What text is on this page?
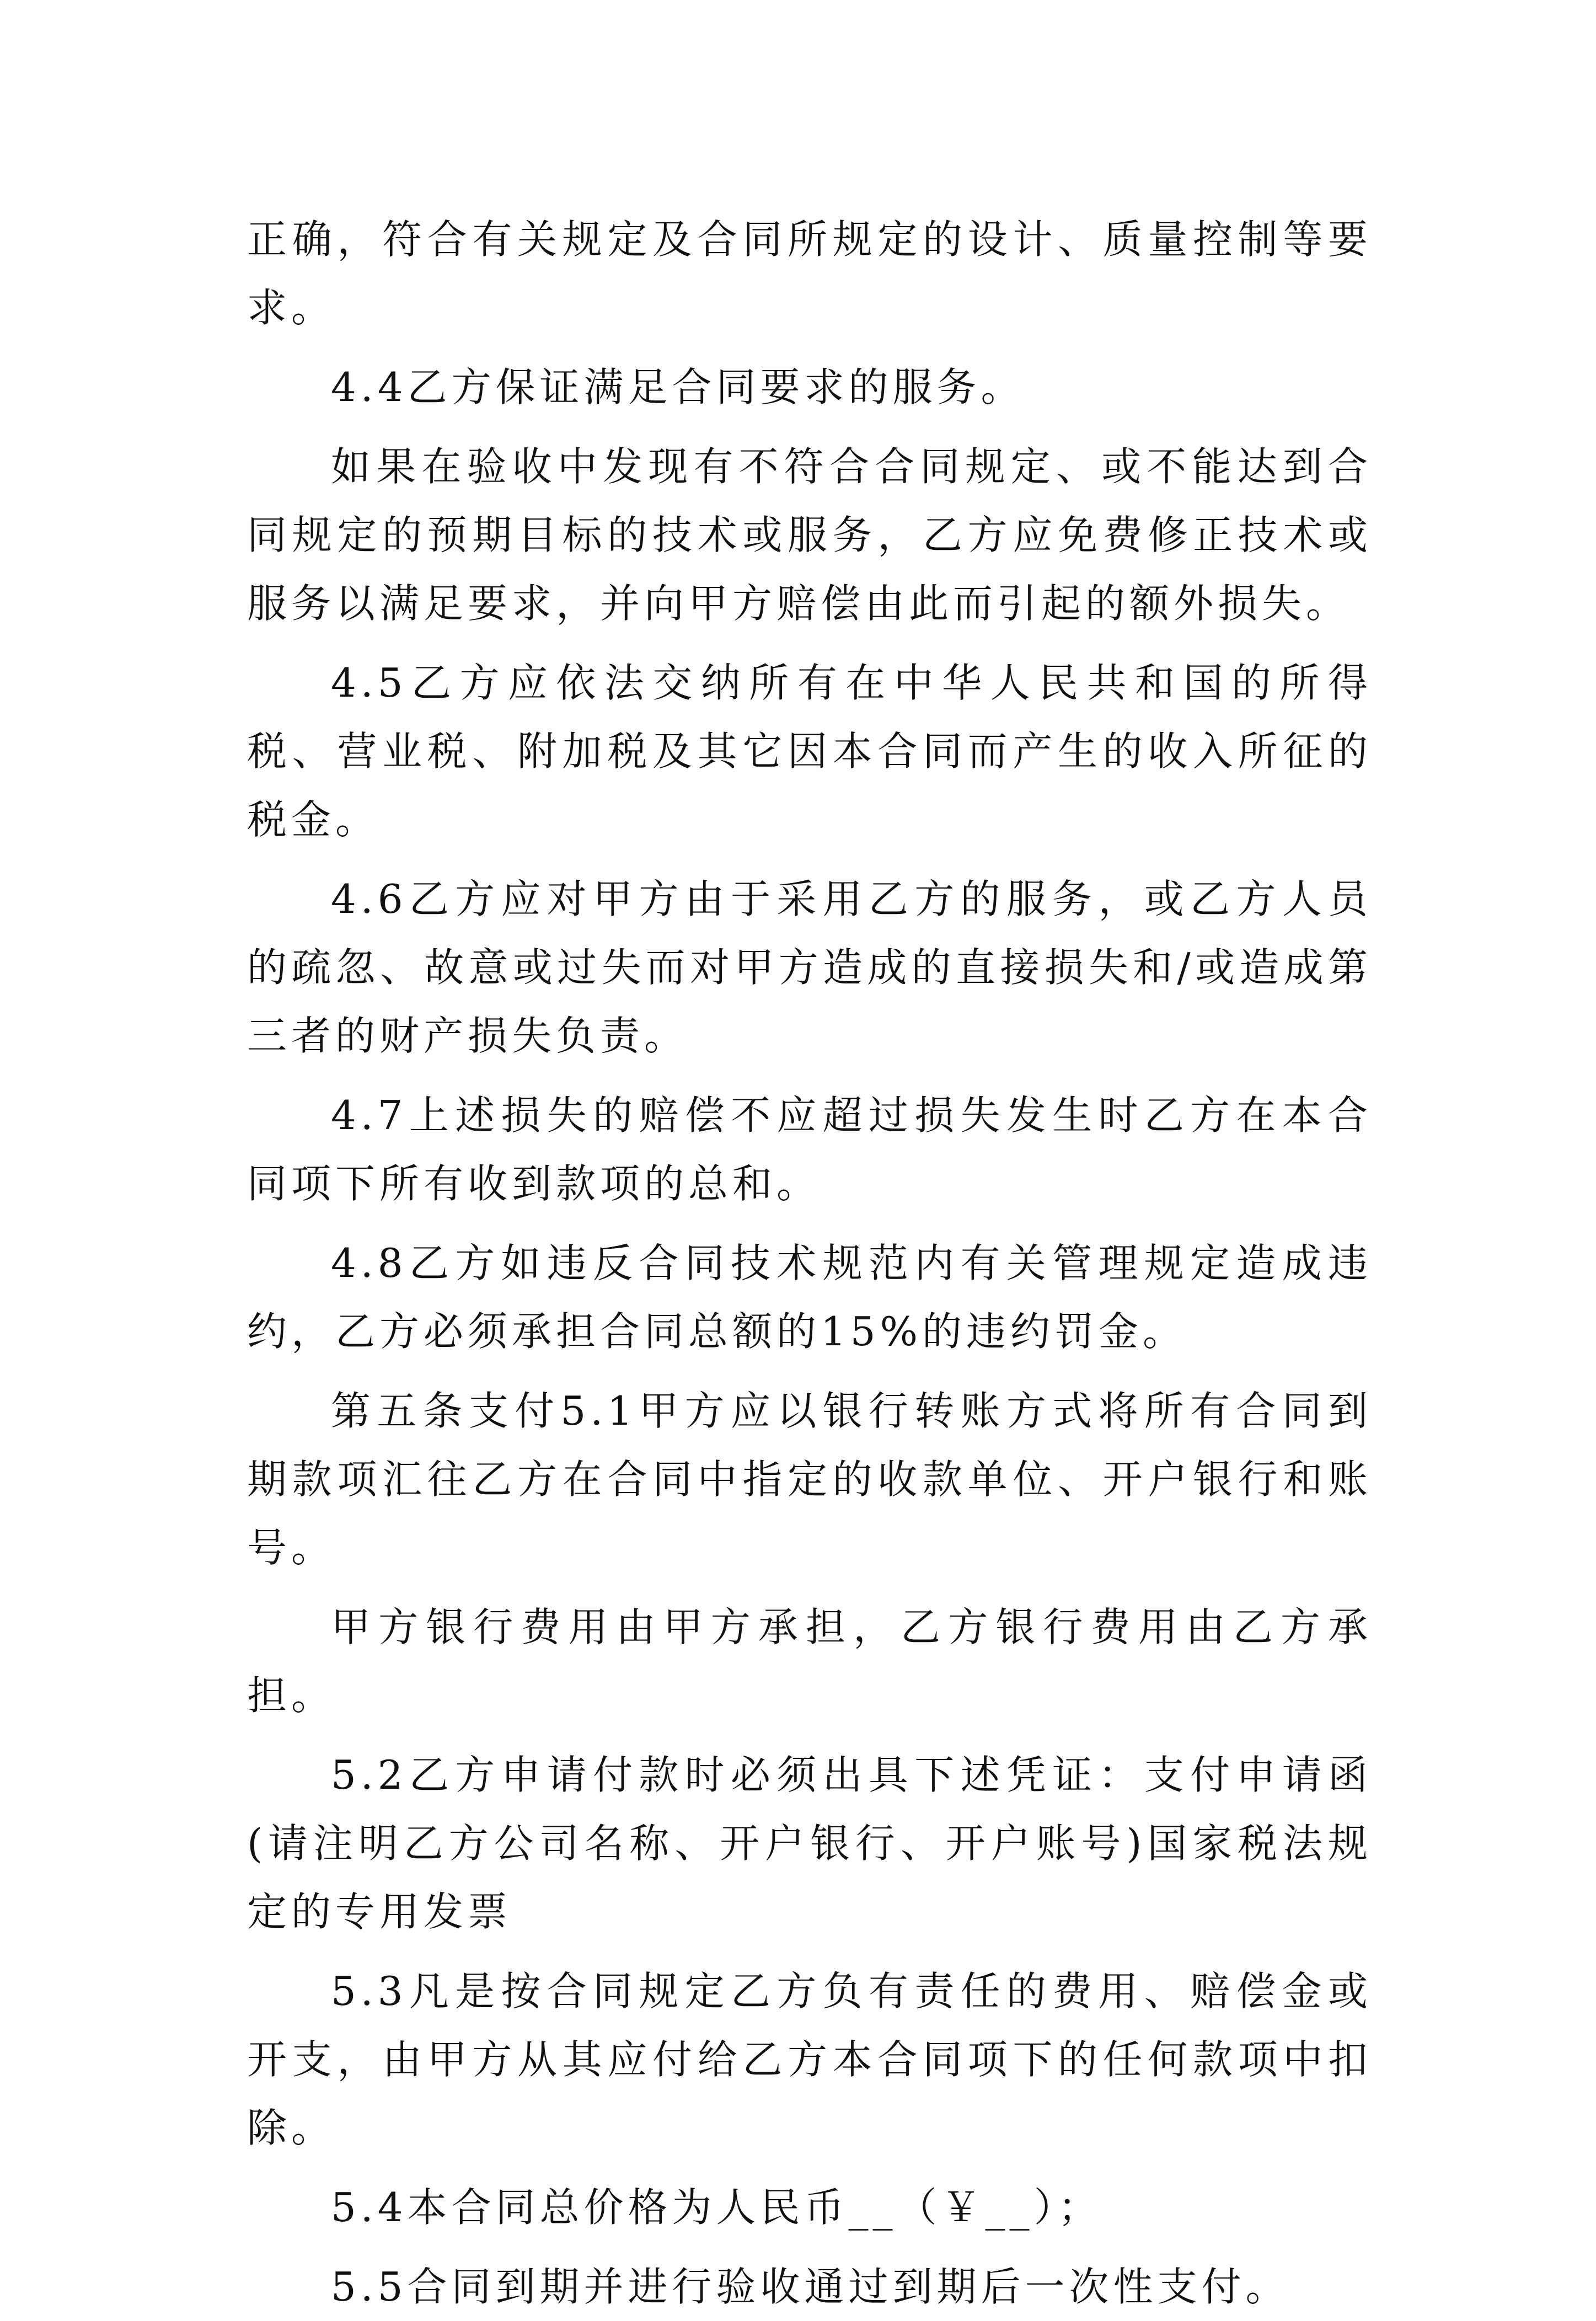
正确，符合有关规定及合同所规定的设计、质量控制等要求。

4.4乙方保证满足合同要求的服务。

如果在验收中发现有不符合合同规定、或不能达到合同规定的预期目标的技术或服务，乙方应免费修正技术或服务以满足要求，并向甲方赔偿由此而引起的额外损失。

4.5乙方应依法交纳所有在中华人民共和国的所得税、营业税、附加税及其它因本合同而产生的收入所征的税金。

4.6乙方应对甲方由于采用乙方的服务，或乙方人员的疏忽、故意或过失而对甲方造成的直接损失和/或造成第三者的财产损失负责。

4.7上述损失的赔偿不应超过损失发生时乙方在本合同项下所有收到款项的总和。

4.8乙方如违反合同技术规范内有关管理规定造成违约，乙方必须承担合同总额的15%的违约罚金。

第五条支付5.1甲方应以银行转账方式将所有合同到期款项汇往乙方在合同中指定的收款单位、开户银行和账号。

甲方银行费用由甲方承担，乙方银行费用由乙方承担。

5.2乙方申请付款时必须出具下述凭证：支付申请函(请注明乙方公司名称、开户银行、开户账号)国家税法规定的专用发票

5.3凡是按合同规定乙方负有责任的费用、赔偿金或开支，由甲方从其应付给乙方本合同项下的任何款项中扣除。

5.4本合同总价格为人民币__（￥__）；

5.5合同到期并进行验收通过到期后一次性支付。
